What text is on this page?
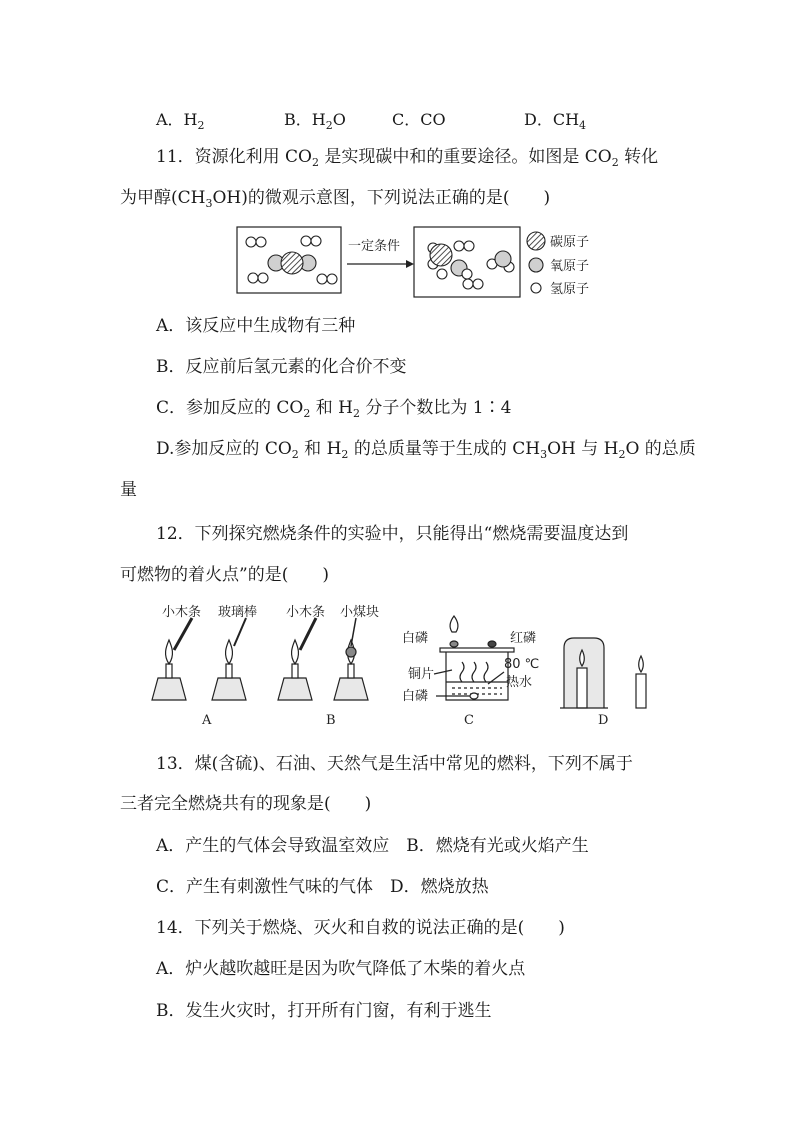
A．$H_2$	B．$H_2O$	C．CO	D．$CH_4$
11．资源化利用 $CO_2$ 是实现碳中和的重要途径。如图是 $CO_2$ 转化
为甲醇$(CH_3OH)$的微观示意图，下列说法正确的是(　　)
一定条件	碳原子
氧原子
氢原子
A．该反应中生成物有三种
B．反应前后氢元素的化合价不变
C．参加反应的 $CO_2$ 和 $H_2$ 分子个数比为 1∶4
D.参加反应的 $CO_2$ 和 $H_2$ 的总质量等于生成的 $CH_3OH$ 与 $H_2O$ 的总质
量
12．下列探究燃烧条件的实验中，只能得出“燃烧需要温度达到
可燃物的着火点”的是(　　)
小木条 玻璃棒 小木条 小煤块
白磷	红磷
80 ℃
热水
铜片
白磷
A	B	C	D
13．煤(含硫)、石油、天然气是生活中常见的燃料，下列不属于
三者完全燃烧共有的现象是(　　)
A．产生的气体会导致温室效应　B．燃烧有光或火焰产生
C．产生有刺激性气味的气体　D．燃烧放热
14．下列关于燃烧、灭火和自救的说法正确的是(　　)
A．炉火越吹越旺是因为吹气降低了木柴的着火点
B．发生火灾时，打开所有门窗，有利于逃生
